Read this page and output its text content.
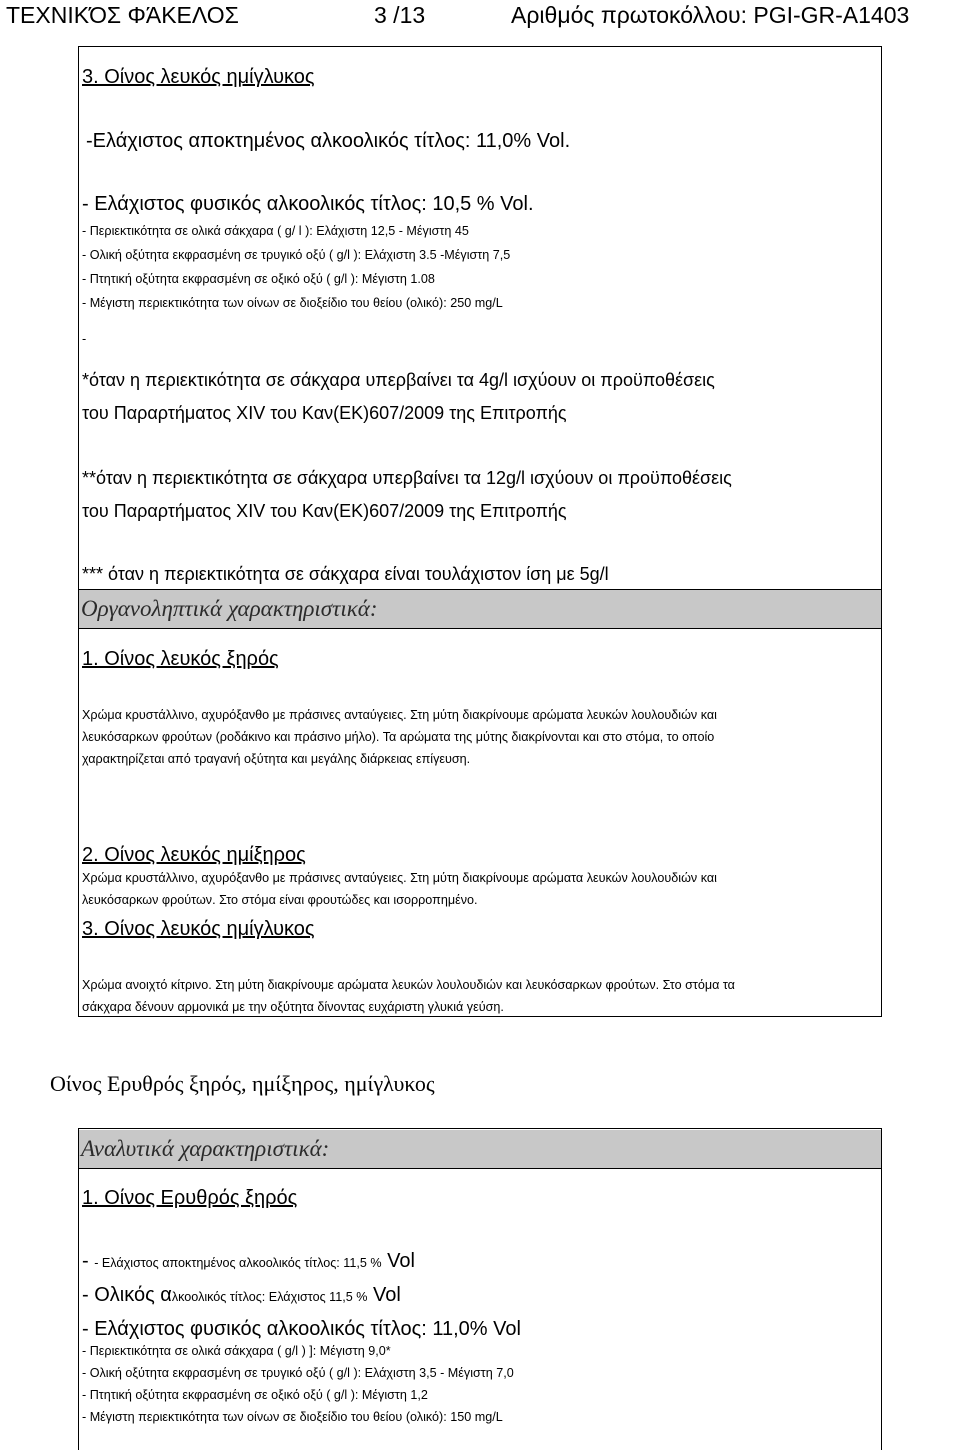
ΤΕΧΝΙΚΌΣ ΦΆΚΕΛΟΣ	3 /13	Αριθμός πρωτοκόλλου: PGI-GR-A1403
3. Οίνος λευκός ημίγλυκος
-Ελάχιστος αποκτημένος αλκοολικός τίτλος: 11,0% Vol.
- Ελάχιστος φυσικός αλκοολικός τίτλος: 10,5 % Vol.
- Περιεκτικότητα σε ολικά σάκχαρα ( g/ l ): Ελάχιστη 12,5 - Μέγιστη 45
- Ολική οξύτητα εκφρασμένη σε τρυγικό οξύ ( g/l ): Ελάχιστη 3.5 -Μέγιστη 7,5
- Πτητική οξύτητα εκφρασμένη σε οξικό οξύ ( g/l ): Μέγιστη 1.08
- Μέγιστη περιεκτικότητα των οίνων σε διοξείδιο του θείου (ολικό): 250 mg/L
-
*όταν η περιεκτικότητα σε σάκχαρα υπερβαίνει τα 4g/l ισχύουν οι προϋποθέσεις
του Παραρτήματος XIV του Καν(ΕΚ)607/2009 της Επιτροπής
**όταν η περιεκτικότητα σε σάκχαρα υπερβαίνει τα 12g/l ισχύουν οι προϋποθέσεις
του Παραρτήματος XIV του Καν(ΕΚ)607/2009 της Επιτροπής
*** όταν η περιεκτικότητα σε σάκχαρα είναι τουλάχιστον ίση με 5g/l
Οργανοληπτικά χαρακτηριστικά:
1. Οίνος λευκός ξηρός
Χρώμα κρυστάλλινο, αχυρόξανθο με πράσινες ανταύγειες. Στη μύτη διακρίνουμε αρώματα λευκών λουλουδιών και
λευκόσαρκων φρούτων (ροδάκινο και πράσινο μήλο). Τα αρώματα της μύτης διακρίνονται και στο στόμα, το οποίο
χαρακτηρίζεται από τραγανή οξύτητα και μεγάλης διάρκειας επίγευση.
2. Οίνος λευκός ημίξηρος
Χρώμα κρυστάλλινο, αχυρόξανθο με πράσινες ανταύγειες. Στη μύτη διακρίνουμε αρώματα λευκών λουλουδιών και
λευκόσαρκων φρούτων. Στο στόμα είναι φρουτώδες και ισορροπημένο.
3. Οίνος λευκός ημίγλυκος
Χρώμα ανοιχτό κίτρινο. Στη μύτη διακρίνουμε αρώματα λευκών λουλουδιών και λευκόσαρκων φρούτων. Στο στόμα τα
σάκχαρα δένουν αρμονικά με την οξύτητα δίνοντας ευχάριστη γλυκιά γεύση.
Οίνος Ερυθρός ξηρός, ημίξηρος, ημίγλυκος
Αναλυτικά χαρακτηριστικά:
1. Οίνος Ερυθρός ξηρός
- - Ελάχιστος αποκτημένος αλκοολικός τίτλος: 11,5 % Vol
- Ολικός αλκοολικός τίτλος: Ελάχιστος 11,5 % Vol
- Ελάχιστος φυσικός αλκοολικός τίτλος: 11,0% Vol
- Περιεκτικότητα σε ολικά σάκχαρα ( g/l ) ]: Μέγιστη 9,0*
- Ολική οξύτητα εκφρασμένη σε τρυγικό οξύ ( g/l ): Ελάχιστη 3,5 - Μέγιστη 7,0
- Πτητική οξύτητα εκφρασμένη σε οξικό οξύ ( g/l ): Μέγιστη 1,2
- Μέγιστη περιεκτικότητα των οίνων σε διοξείδιο του θείου (ολικό): 150 mg/L
